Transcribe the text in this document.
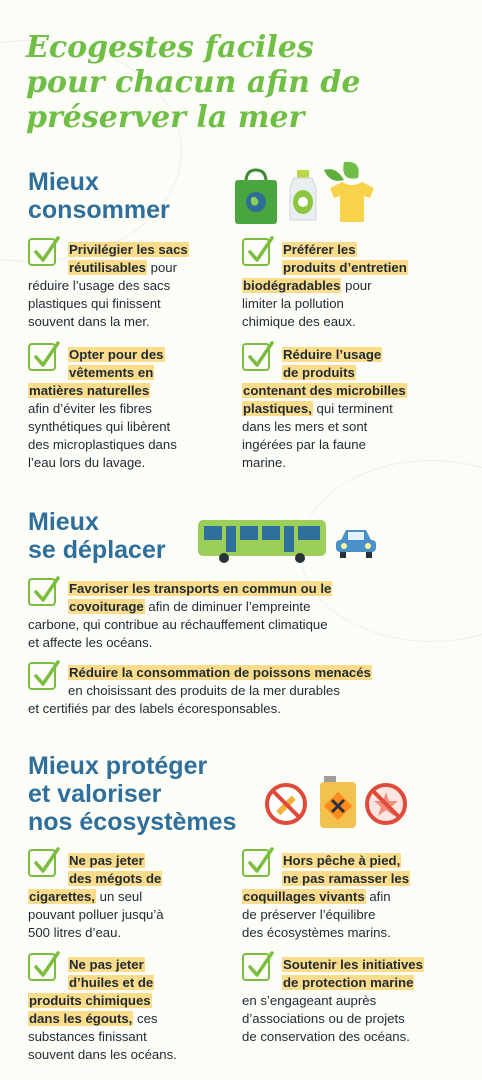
Ecogestes faciles
pour chacun afin de
préserver la mer
Mieux
consommer
Privilégier les sacs
réutilisables pour
réduire l’usage des sacs
plastiques qui finissent
souvent dans la mer.
Préférer les
produits d’entretien
biodégradables pour
limiter la pollution
chimique des eaux.
Opter pour des
vêtements en
matières naturelles
afin d’éviter les fibres
synthétiques qui libèrent
des microplastiques dans
l’eau lors du lavage.
Réduire l’usage
de produits
contenant des microbilles
plastiques, qui terminent
dans les mers et sont
ingérées par la faune
marine.
Mieux
se déplacer
Favoriser les transports en commun ou le
covoiturage afin de diminuer l’empreinte
carbone, qui contribue au réchauffement climatique
et affecte les océans.
Réduire la consommation de poissons menacés
en choisissant des produits de la mer durables
et certifiés par des labels écoresponsables.
Mieux protéger
et valoriser
nos écosystèmes
Ne pas jeter
des mégots de
cigarettes, un seul
pouvant polluer jusqu’à
500 litres d’eau.
Hors pêche à pied,
ne pas ramasser les
coquillages vivants afin
de préserver l’équilibre
des écosystèmes marins.
Ne pas jeter
d’huiles et de
produits chimiques
dans les égouts, ces
substances finissant
souvent dans les océans.
Soutenir les initiatives
de protection marine
en s’engageant auprès
d’associations ou de projets
de conservation des océans.
